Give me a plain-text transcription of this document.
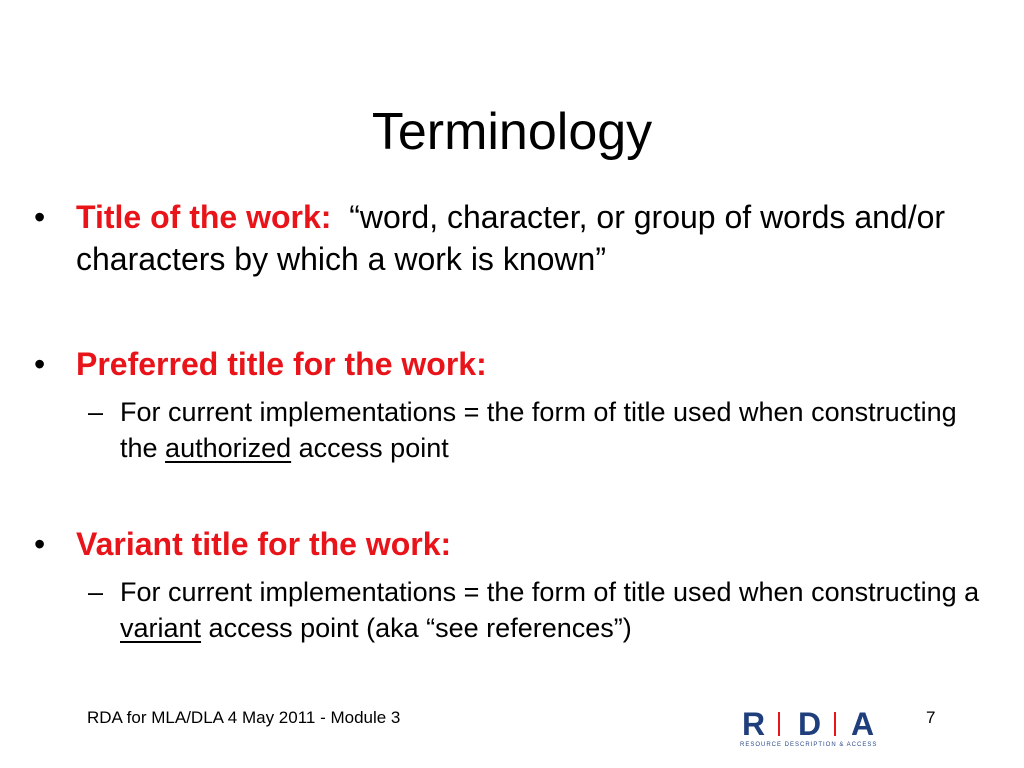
Terminology
• Title of the work: “word, character, or group of words and/or characters by which a work is known”
• Preferred title for the work:
– For current implementations = the form of title used when constructing the authorized access point
• Variant title for the work:
– For current implementations = the form of title used when constructing a variant access point (aka “see references”)
RDA for MLA/DLA 4 May 2011 - Module 3	R D A
RESOURCE DESCRIPTION & ACCESS
7
